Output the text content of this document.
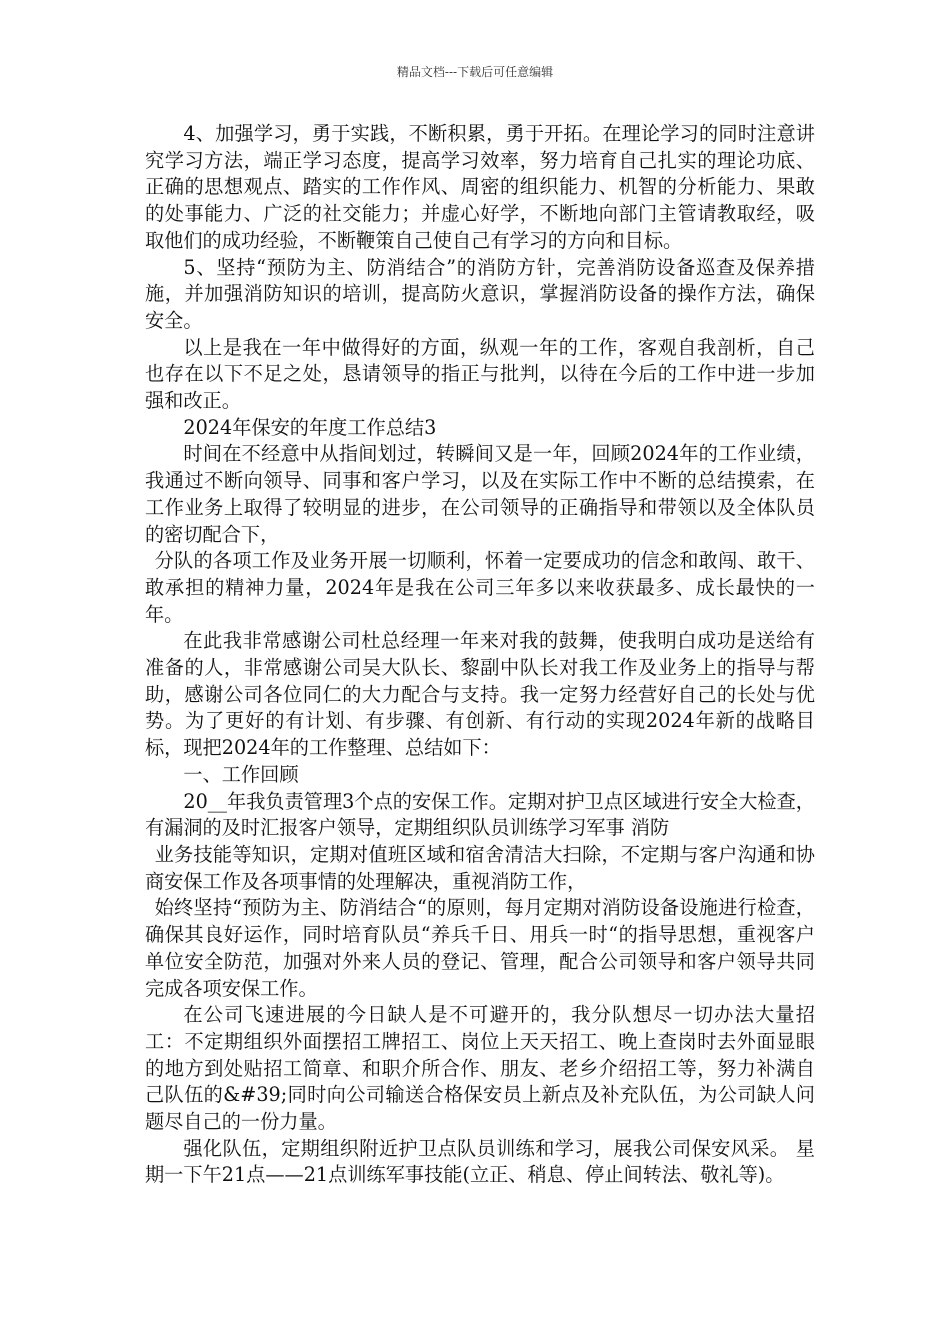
精品文档---下载后可任意编辑

4、加强学习，勇于实践，不断积累，勇于开拓。在理论学习的同时注意讲究学习方法，端正学习态度，提高学习效率，努力培育自己扎实的理论功底、正确的思想观点、踏实的工作作风、周密的组织能力、机智的分析能力、果敢的处事能力、广泛的社交能力；并虚心好学，不断地向部门主管请教取经，吸取他们的成功经验，不断鞭策自己使自己有学习的方向和目标。

5、坚持“预防为主、防消结合”的消防方针，完善消防设备巡查及保养措施，并加强消防知识的培训，提高防火意识，掌握消防设备的操作方法，确保安全。

以上是我在一年中做得好的方面，纵观一年的工作，客观自我剖析，自己也存在以下不足之处，恳请领导的指正与批判，以待在今后的工作中进一步加强和改正。

2024年保安的年度工作总结3

时间在不经意中从指间划过，转瞬间又是一年，回顾2024年的工作业绩，我通过不断向领导、同事和客户学习，以及在实际工作中不断的总结摸索，在工作业务上取得了较明显的进步，在公司领导的正确指导和带领以及全体队员的密切配合下，

分队的各项工作及业务开展一切顺利，怀着一定要成功的信念和敢闯、敢干、敢承担的精神力量，2024年是我在公司三年多以来收获最多、成长最快的一年。

在此我非常感谢公司杜总经理一年来对我的鼓舞，使我明白成功是送给有准备的人，非常感谢公司吴大队长、黎副中队长对我工作及业务上的指导与帮助，感谢公司各位同仁的大力配合与支持。我一定努力经营好自己的长处与优势。为了更好的有计划、有步骤、有创新、有行动的实现2024年新的战略目标，现把2024年的工作整理、总结如下：

一、工作回顾

20__年我负责管理3个点的安保工作。定期对护卫点区域进行安全大检查，有漏洞的及时汇报客户领导，定期组织队员训练学习军事 消防

业务技能等知识，定期对值班区域和宿舍清洁大扫除，不定期与客户沟通和协商安保工作及各项事情的处理解决，重视消防工作，

始终坚持“预防为主、防消结合“的原则，每月定期对消防设备设施进行检查，确保其良好运作，同时培育队员“养兵千日、用兵一时“的指导思想，重视客户单位安全防范，加强对外来人员的登记、管理，配合公司领导和客户领导共同完成各项安保工作。

在公司飞速进展的今日缺人是不可避开的，我分队想尽一切办法大量招工：不定期组织外面摆招工牌招工、岗位上天天招工、晚上查岗时去外面显眼的地方到处贴招工简章、和职介所合作、朋友、老乡介绍招工等，努力补满自己队伍的&#39;同时向公司输送合格保安员上新点及补充队伍，为公司缺人问题尽自己的一份力量。

强化队伍，定期组织附近护卫点队员训练和学习，展我公司保安风采。 星期一下午21点——21点训练军事技能(立正、稍息、停止间转法、敬礼等)。
